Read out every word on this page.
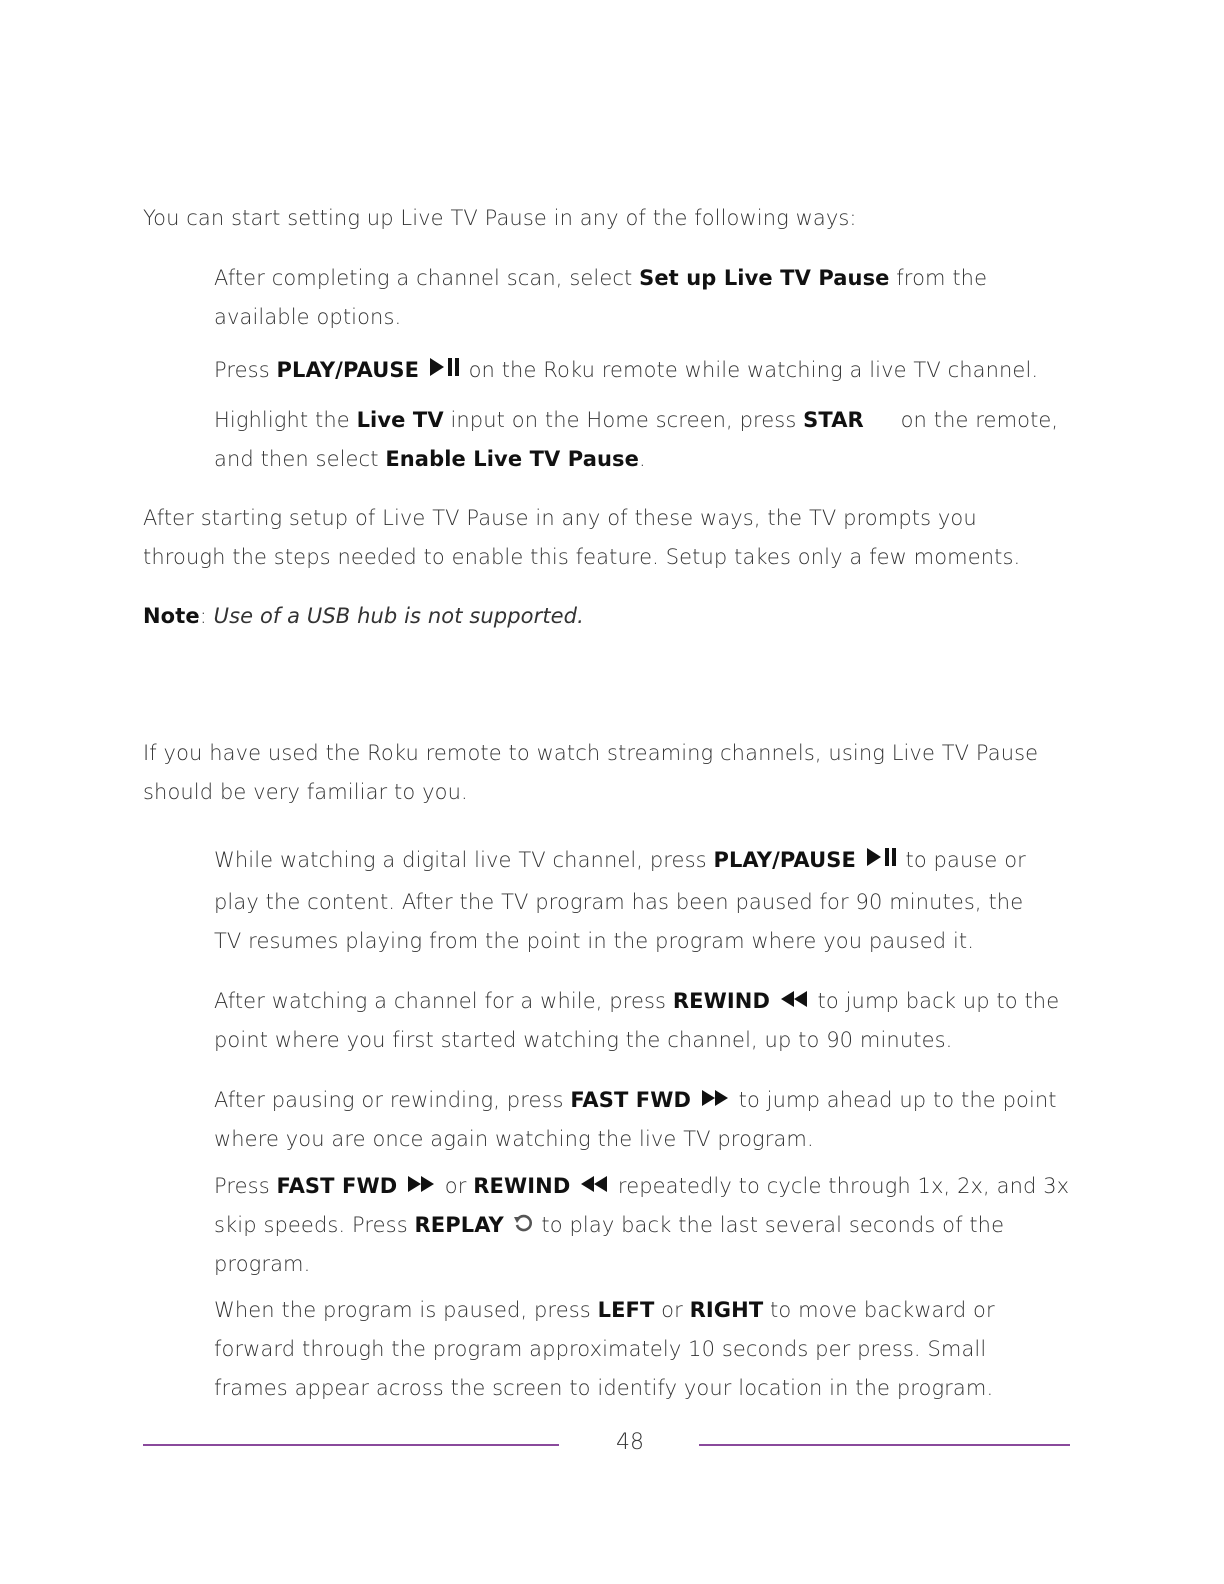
You can start setting up Live TV Pause in any of the following ways:

After completing a channel scan, select Set up Live TV Pause from the

available options.

Press PLAY/PAUSE  on the Roku remote while watching a live TV channel.

Highlight the Live TV input on the Home screen, press STAR on the remote,

and then select Enable Live TV Pause.

After starting setup of Live TV Pause in any of these ways, the TV prompts you

through the steps needed to enable this feature. Setup takes only a few moments.

Note: Use of a USB hub is not supported.

If you have used the Roku remote to watch streaming channels, using Live TV Pause

should be very familiar to you.

While watching a digital live TV channel, press PLAY/PAUSE  to pause or

play the content. After the TV program has been paused for 90 minutes, the

TV resumes playing from the point in the program where you paused it.

After watching a channel for a while, press REWIND  to jump back up to the

point where you first started watching the channel, up to 90 minutes.

After pausing or rewinding, press FAST FWD  to jump ahead up to the point

where you are once again watching the live TV program.

Press FAST FWD  or REWIND  repeatedly to cycle through 1x, 2x, and 3x

skip speeds. Press REPLAY  to play back the last several seconds of the

program.

When the program is paused, press LEFT or RIGHT to move backward or

forward through the program approximately 10 seconds per press. Small

frames appear across the screen to identify your location in the program.

48
